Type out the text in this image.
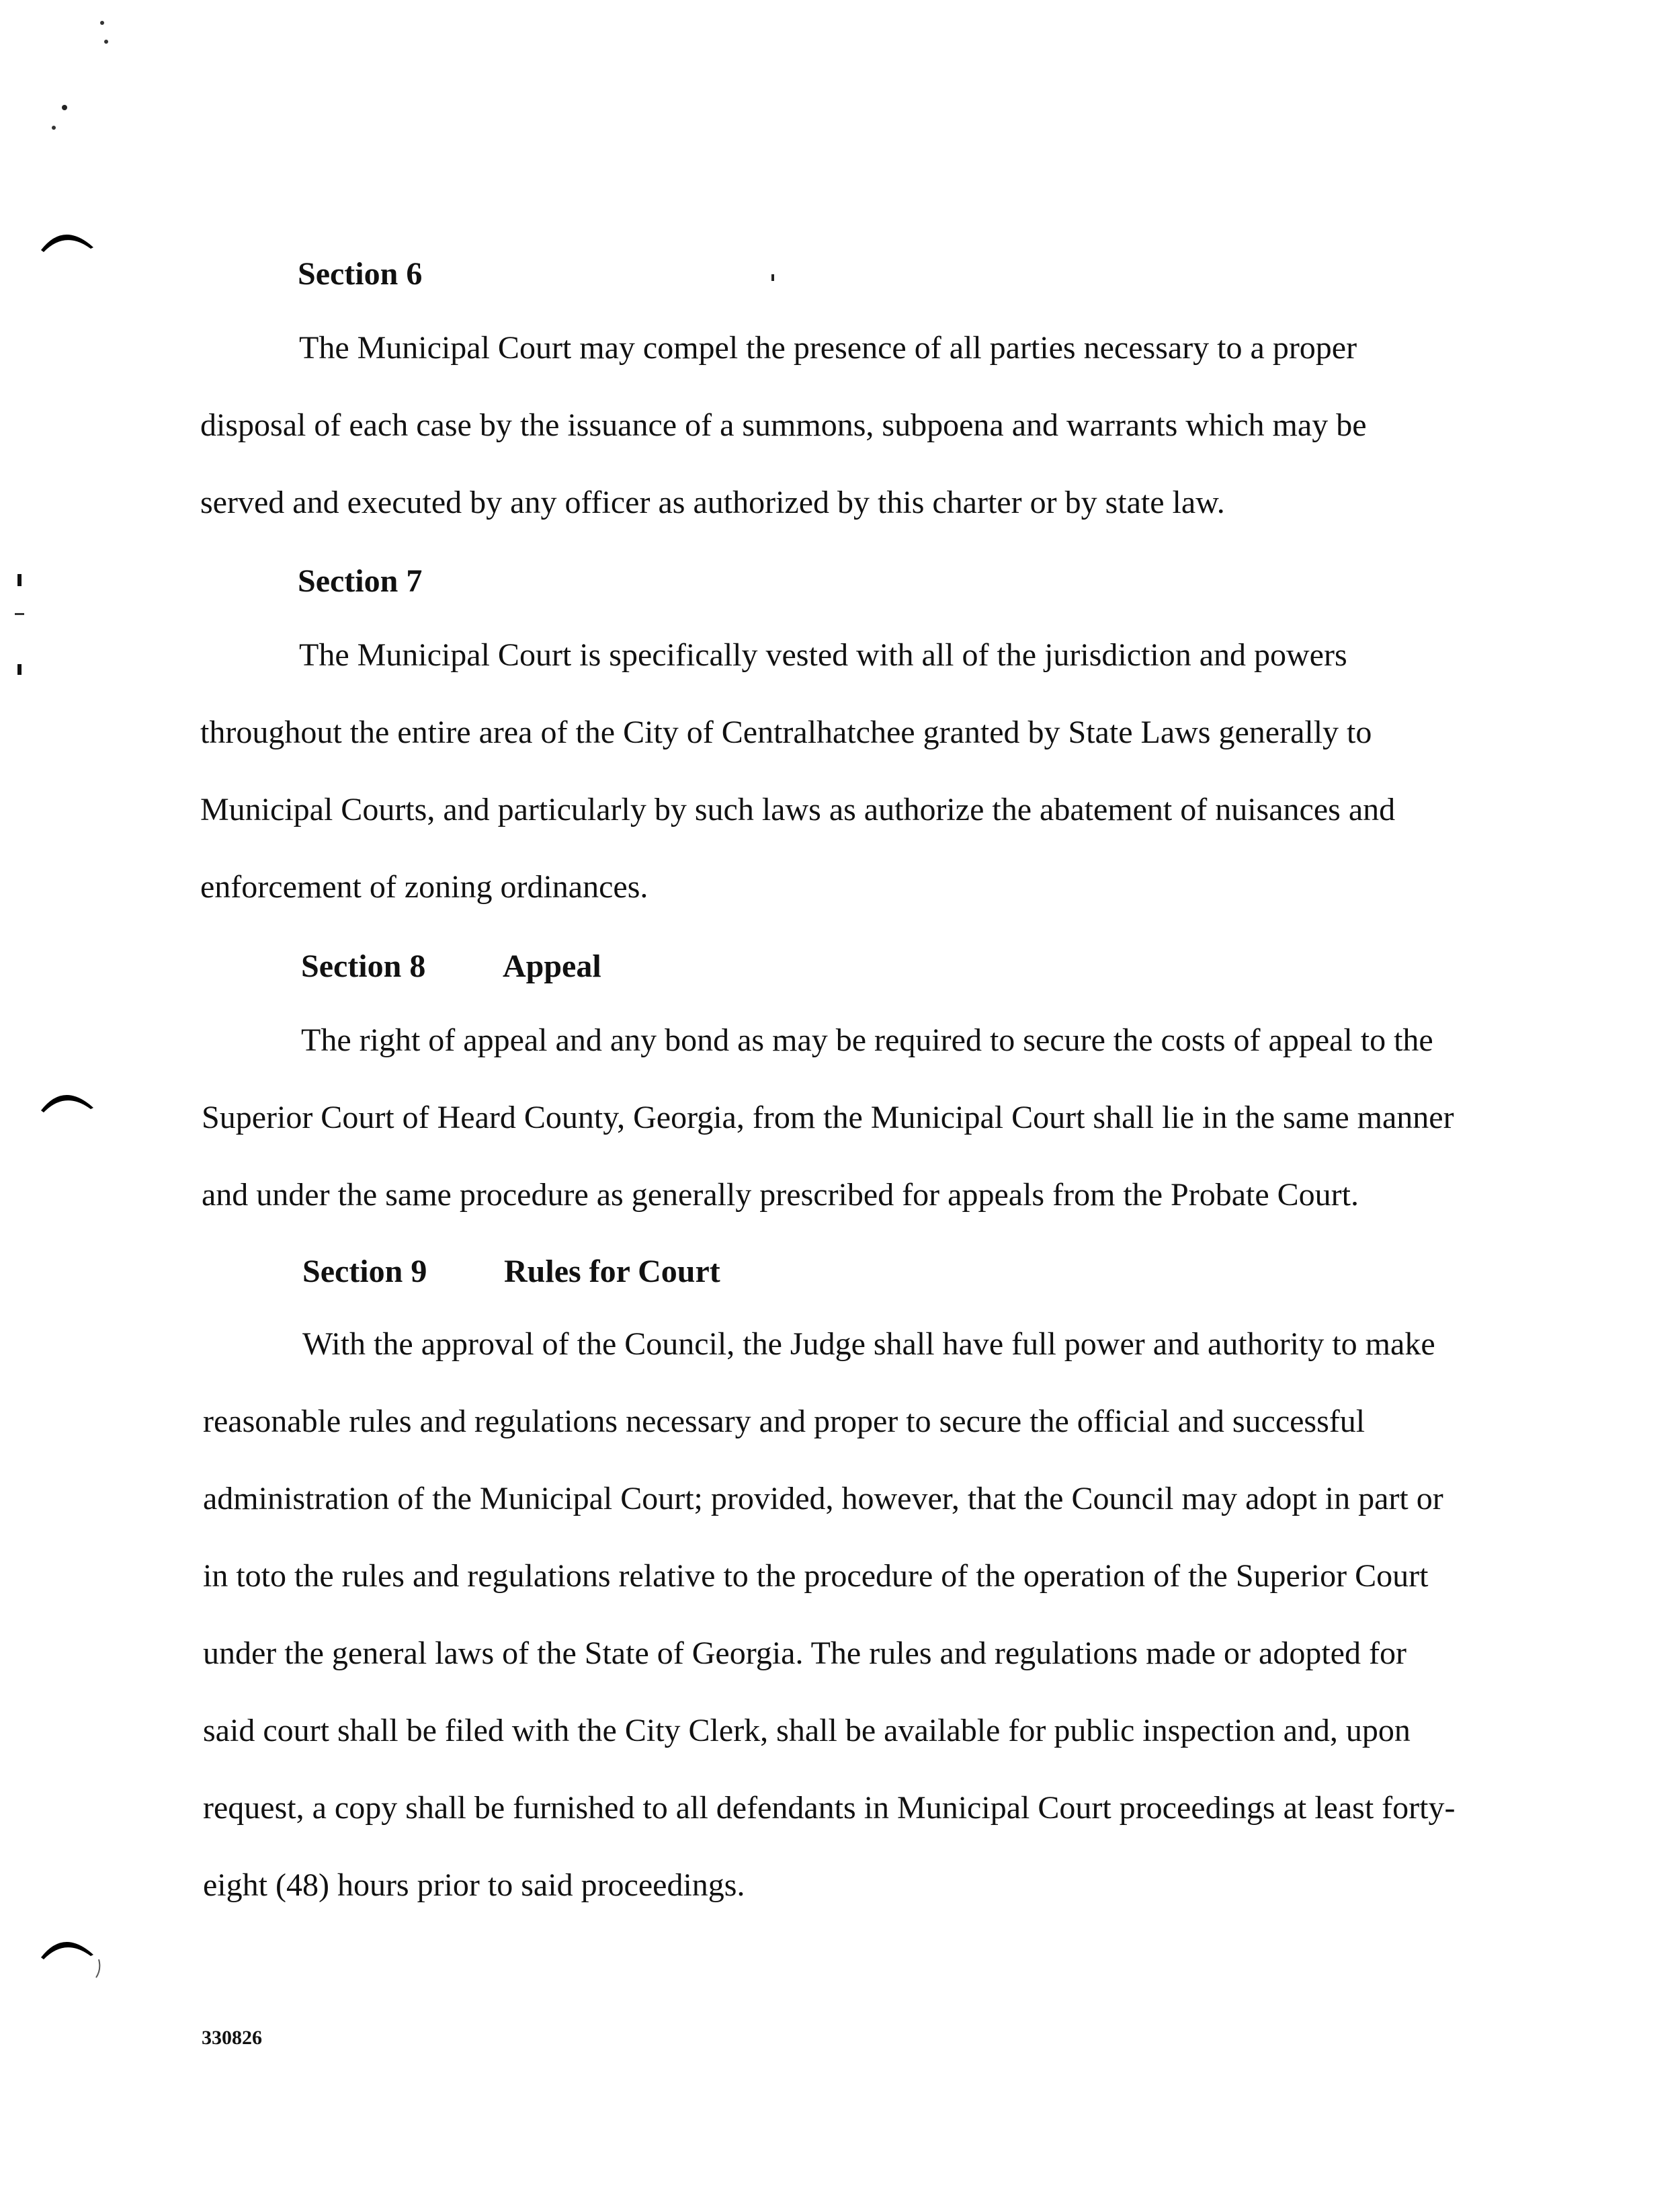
Section 6
The Municipal Court may compel the presence of all parties necessary to a proper
disposal of each case by the issuance of a summons, subpoena and warrants which may be
served and executed by any officer as authorized by this charter or by state law.
Section 7
The Municipal Court is specifically vested with all of the jurisdiction and powers
throughout the entire area of the City of Centralhatchee granted by State Laws generally to
Municipal Courts, and particularly by such laws as authorize the abatement of nuisances and
enforcement of zoning ordinances.
Section 8 Appeal
The right of appeal and any bond as may be required to secure the costs of appeal to the
Superior Court of Heard County, Georgia, from the Municipal Court shall lie in the same manner
and under the same procedure as generally prescribed for appeals from the Probate Court.
Section 9 Rules for Court
With the approval of the Council, the Judge shall have full power and authority to make
reasonable rules and regulations necessary and proper to secure the official and successful
administration of the Municipal Court; provided, however, that the Council may adopt in part or
in toto the rules and regulations relative to the procedure of the operation of the Superior Court
under the general laws of the State of Georgia. The rules and regulations made or adopted for
said court shall be filed with the City Clerk, shall be available for public inspection and, upon
request, a copy shall be furnished to all defendants in Municipal Court proceedings at least forty-
eight (48) hours prior to said proceedings.
330826
